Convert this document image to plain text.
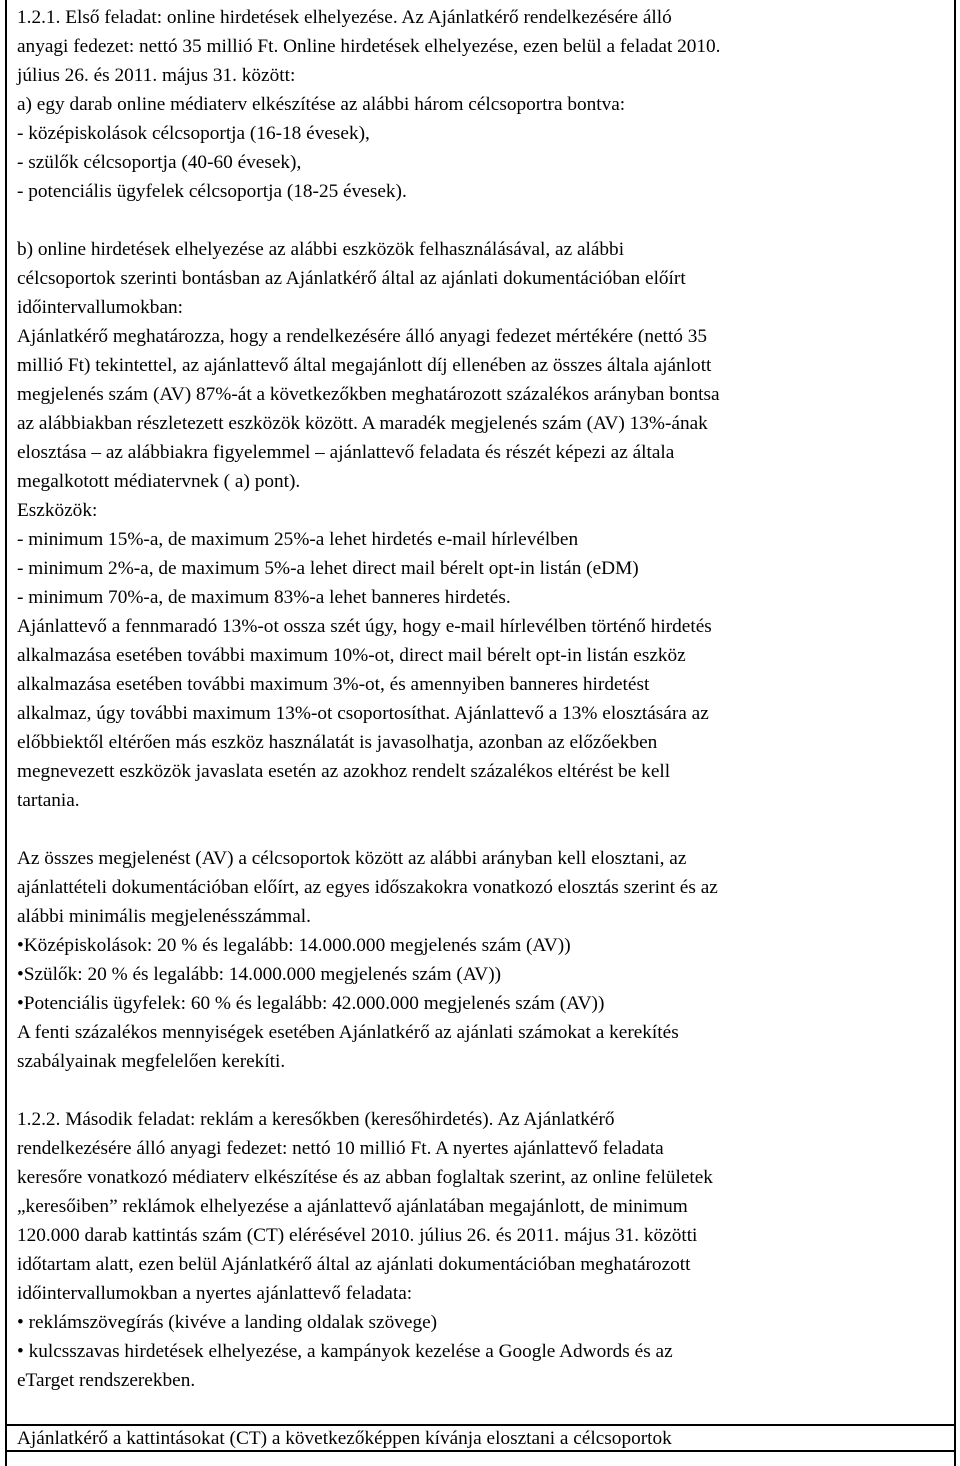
1.2.1. Első feladat: online hirdetések elhelyezése. Az Ajánlatkérő rendelkezésére álló
anyagi fedezet: nettó 35 millió Ft. Online hirdetések elhelyezése, ezen belül a feladat 2010.
július 26. és 2011. május 31. között:
a) egy darab online médiaterv elkészítése az alábbi három célcsoportra bontva:
- középiskolások célcsoportja (16-18 évesek),
- szülők célcsoportja (40-60 évesek),
- potenciális ügyfelek célcsoportja (18-25 évesek).
b) online hirdetések elhelyezése az alábbi eszközök felhasználásával, az alábbi
célcsoportok szerinti bontásban az Ajánlatkérő által az ajánlati dokumentációban előírt
időintervallumokban:
Ajánlatkérő meghatározza, hogy a rendelkezésére álló anyagi fedezet mértékére (nettó 35
millió Ft) tekintettel, az ajánlattevő által megajánlott díj ellenében az összes általa ajánlott
megjelenés szám (AV) 87%-át a következőkben meghatározott százalékos arányban bontsa
az alábbiakban részletezett eszközök között. A maradék megjelenés szám (AV) 13%-ának
elosztása – az alábbiakra figyelemmel – ajánlattevő feladata és részét képezi az általa
megalkotott médiatervnek ( a) pont).
Eszközök:
- minimum 15%-a, de maximum 25%-a lehet hirdetés e-mail hírlevélben
- minimum 2%-a, de maximum 5%-a lehet direct mail bérelt opt-in listán (eDM)
- minimum 70%-a, de maximum 83%-a lehet banneres hirdetés.
Ajánlattevő a fennmaradó 13%-ot ossza szét úgy, hogy e-mail hírlevélben történő hirdetés
alkalmazása esetében további maximum 10%-ot, direct mail bérelt opt-in listán eszköz
alkalmazása esetében további maximum 3%-ot, és amennyiben banneres hirdetést
alkalmaz, úgy további maximum 13%-ot csoportosíthat. Ajánlattevő a 13% elosztására az
előbbiektől eltérően más eszköz használatát is javasolhatja, azonban az előzőekben
megnevezett eszközök javaslata esetén az azokhoz rendelt százalékos eltérést be kell
tartania.
Az összes megjelenést (AV) a célcsoportok között az alábbi arányban kell elosztani, az
ajánlattételi dokumentációban előírt, az egyes időszakokra vonatkozó elosztás szerint és az
alábbi minimális megjelenésszámmal.
•Középiskolások: 20 % és legalább: 14.000.000 megjelenés szám (AV))
•Szülők: 20 % és legalább: 14.000.000 megjelenés szám (AV))
•Potenciális ügyfelek: 60 % és legalább: 42.000.000 megjelenés szám (AV))
A fenti százalékos mennyiségek esetében Ajánlatkérő az ajánlati számokat a kerekítés
szabályainak megfelelően kerekíti.
1.2.2. Második feladat: reklám a keresőkben (keresőhirdetés). Az Ajánlatkérő
rendelkezésére álló anyagi fedezet: nettó 10 millió Ft. A nyertes ajánlattevő feladata
keresőre vonatkozó médiaterv elkészítése és az abban foglaltak szerint, az online felületek
„keresőiben” reklámok elhelyezése a ajánlattevő ajánlatában megajánlott, de minimum
120.000 darab kattintás szám (CT) elérésével 2010. július 26. és 2011. május 31. közötti
időtartam alatt, ezen belül Ajánlatkérő által az ajánlati dokumentációban meghatározott
időintervallumokban a nyertes ajánlattevő feladata:
• reklámszövegírás (kivéve a landing oldalak szövege)
• kulcsszavas hirdetések elhelyezése, a kampányok kezelése a Google Adwords és az
eTarget rendszerekben.
Ajánlatkérő a kattintásokat (CT) a következőképpen kívánja elosztani a célcsoportok
